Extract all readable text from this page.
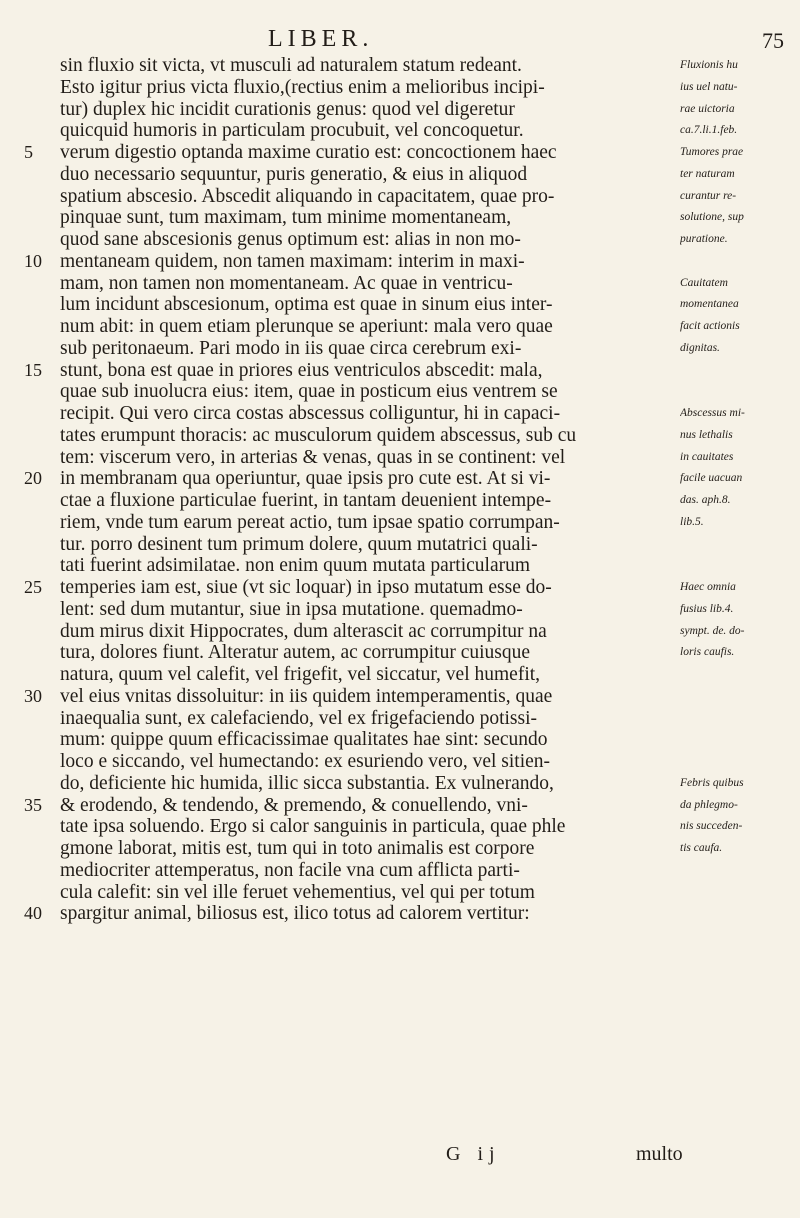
LIBER.	75
sin fluxio sit victa, vt musculi ad naturalem statum redeant.	Fluxionis hu
Esto igitur prius victa fluxio,(rectius enim a melioribus incipi-	ius uel natu-
tur) duplex hic incidit curationis genus: quod vel digeretur	rae uictoria
quicquid humoris in particulam procubuit, vel concoquetur.	ca.7.li.1.feb.
5	verum digestio optanda maxime curatio est: concoctionem haec	Tumores prae
duo necessario sequuntur, puris generatio, & eius in aliquod	ter naturam
spatium abscesio. Abscedit aliquando in capacitatem, quae pro-	curantur re-
pinquae sunt, tum maximam, tum minime momentaneam,	solutione, sup
quod sane abscesionis genus optimum est: alias in non mo-	puratione.
10 mentaneam quidem, non tamen maximam: interim in maxi-
mam, non tamen non momentaneam. Ac quae in ventricu-	Cauitatem
lum incidunt abscesionum, optima est quae in sinum eius inter-	momentanea
num abit: in quem etiam plerunque se aperiunt: mala vero quae	facit actionis
sub peritonaeum. Pari modo in iis quae circa cerebrum exi-	dignitas.
15 stunt, bona est quae in priores eius ventriculos abscedit: mala,
quae sub inuolucra eius: item, quae in posticum eius ventrem se
recipit. Qui vero circa costas abscessus colliguntur, hi in capaci-	Abscessus mi-
tates erumpunt thoracis: ac musculorum quidem abscessus, sub cu	nus lethalis
tem: viscerum vero, in arterias & venas, quas in se continent: vel	in cauitates
20 in membranam qua operiuntur, quae ipsis pro cute est. At si vi-	facile uacuan
ctae a fluxione particulae fuerint, in tantam deuenient intempe-	das. aph.8.
riem, vnde tum earum pereat actio, tum ipsae spatio corrumpan-	lib.5.
tur. porro desinent tum primum dolere, quum mutatrici quali-
tati fuerint adsimilatae. non enim quum mutata particularum
25 temperies iam est, siue (vt sic loquar) in ipso mutatum esse do-	Haec omnia
lent: sed dum mutantur, siue in ipsa mutatione. quemadmo-	fusius lib.4.
dum mirus dixit Hippocrates, dum alterascit ac corrumpitur na	sympt. de. do-
tura, dolores fiunt. Alteratur autem, ac corrumpitur cuiusque	loris caufis.
natura, quum vel calefit, vel frigefit, vel siccatur, vel humefit,
30 vel eius vnitas dissoluitur: in iis quidem intemperamentis, quae
inaequalia sunt, ex calefaciendo, vel ex frigefaciendo potissi-
mum: quippe quum efficacissimae qualitates hae sint: secundo
loco e siccando, vel humectando: ex esuriendo vero, vel sitien-
do, deficiente hic humida, illic sicca substantia. Ex vulnerando,	Febris quibus
35 & erodendo, & tendendo, & premendo, & conuellendo, vni-	da phlegmo-
tate ipsa soluendo. Ergo si calor sanguinis in particula, quae phle	nis succeden-
gmone laborat, mitis est, tum qui in toto animalis est corpore	tis caufa.
mediocriter attemperatus, non facile vna cum afflicta parti-
cula calefit: sin vel ille feruet vehementius, vel qui per totum
40 spargitur animal, biliosus est, ilico totus ad calorem vertitur:
G ij	multo
